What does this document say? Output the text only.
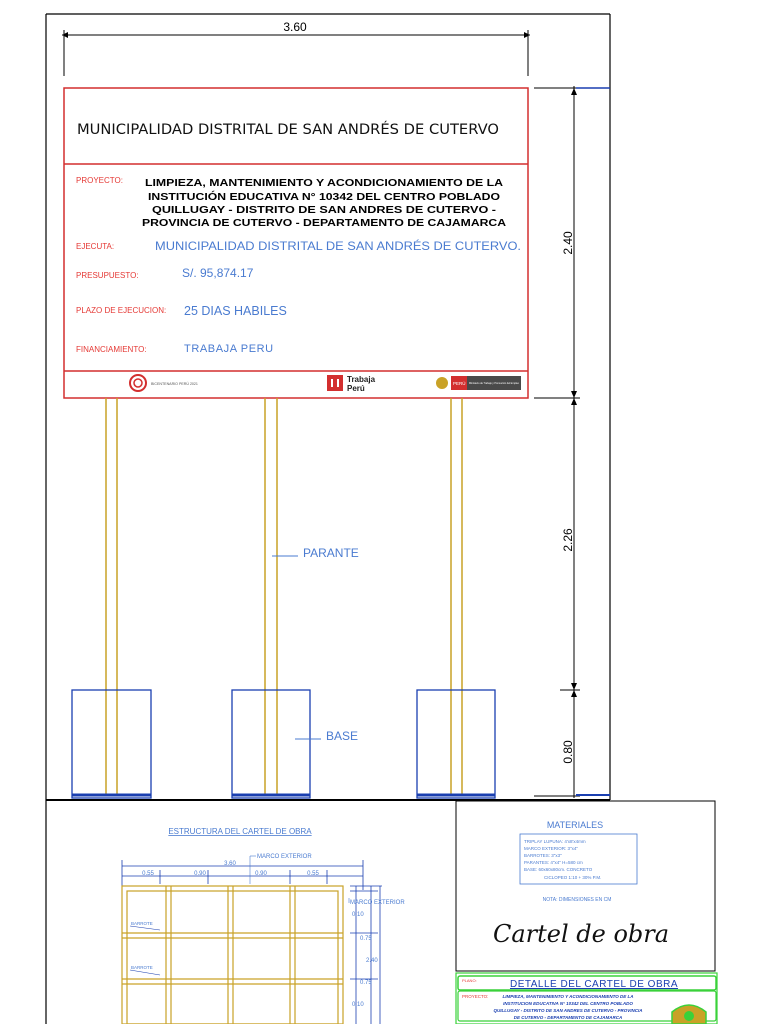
3.60
2.40
2.26
0.80
MUNICIPALIDAD DISTRITAL DE SAN ANDRÉS DE CUTERVO
PROYECTO: LIMPIEZA, MANTENIMIENTO Y ACONDICIONAMIENTO DE LA
INSTITUCIÓN EDUCATIVA N° 10342 DEL CENTRO POBLADO
QUILLUGAY - DISTRITO DE SAN ANDRES DE CUTERVO -
PROVINCIA DE CUTERVO - DEPARTAMENTO DE CAJAMARCA
EJECUTA:	MUNICIPALIDAD DISTRITAL DE SAN ANDRÉS DE CUTERVO.
PRESUPUESTO:	S/. 95,874.17
PLAZO DE EJECUCION: 25 DIAS HABILES
FINANCIAMIENTO:	TRABAJA PERU
BICENTENARIO PERÚ 2021	Trabaja
Perú
PERÚ Ministerio de Trabajo y Promoción del Empleo
PARANTE
BASE
ESTRUCTURA DEL CARTEL DE OBRA
3.60
0.55	0.90	0.90	0.55
MARCO EXTERIOR
BARROTE
BARROTE
MARCO EXTERIOR
0.10
0.75
2.40
0.75
0.10
MATERIALES
TRIPLAY LUPUNA: 4'x8'x4mm
MARCO EXTERIOR: 3"x4"
BARROTES: 3"x3"
PARANTES: 4"x4" H=580 cm
BASE: 60x60x80cm. CONCRETO
CICLOPEO 1:10 + 30% P.M.
NOTA: DIMENSIONES EN CM
Cartel de obra
PLANO:	DETALLE DEL CARTEL DE OBRA
PROYECTO:	LIMPIEZA, MANTENIMIENTO Y ACONDICIONAMIENTO DE LA
INSTITUCION EDUCATIVA N° 10342 DEL CENTRO POBLADO
QUILLUGAY - DISTRITO DE SAN ANDRES DE CUTERVO - PROVINCIA
DE CUTERVO - DEPARTAMENTO DE CAJAMARCA
